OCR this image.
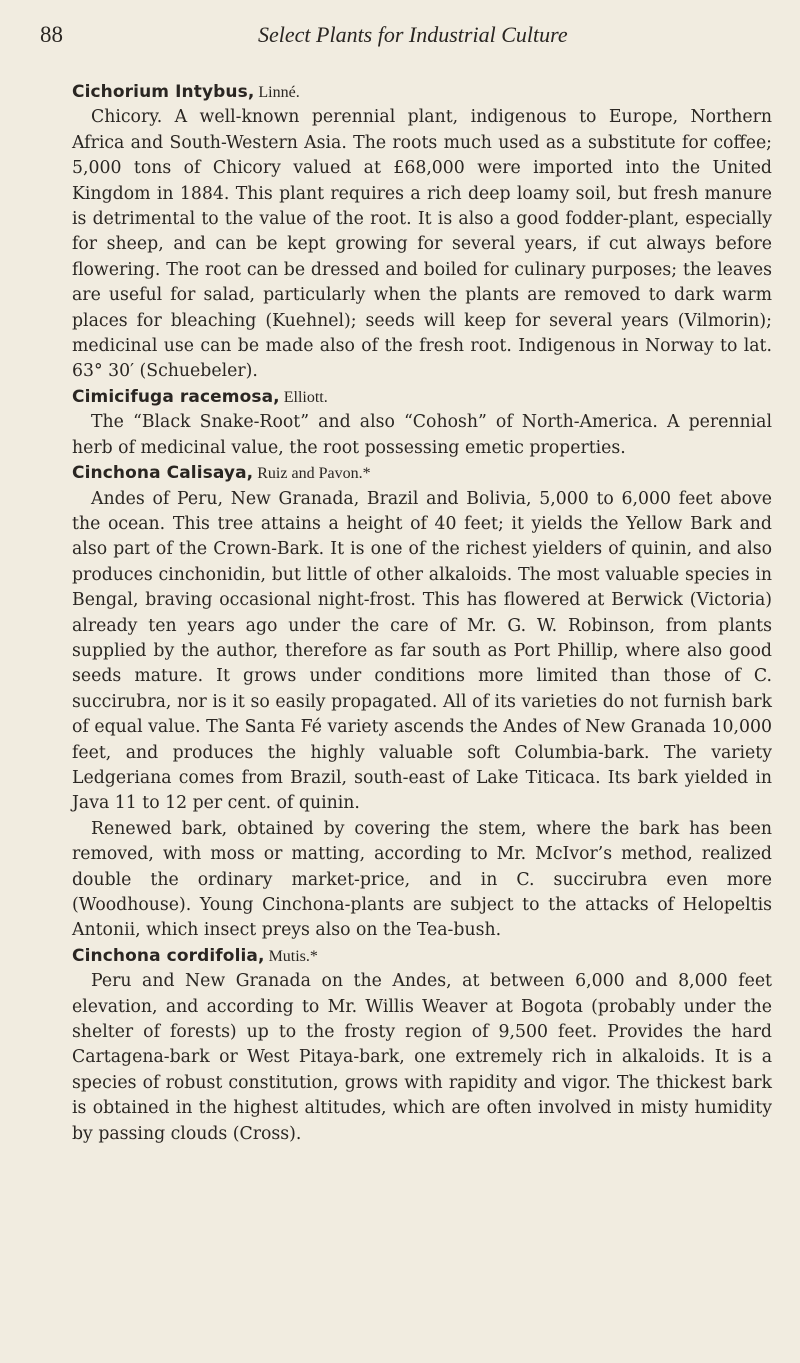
88	Select Plants for Industrial Culture

Cichorium Intybus, Linné.

Chicory. A well-known perennial plant, indigenous to Europe, Northern Africa and South-Western Asia. The roots much used as a substitute for coffee; 5,000 tons of Chicory valued at £68,000 were imported into the United Kingdom in 1884. This plant requires a rich deep loamy soil, but fresh manure is detrimental to the value of the root. It is also a good fodder-plant, especially for sheep, and can be kept growing for several years, if cut always before flowering. The root can be dressed and boiled for culinary purposes; the leaves are useful for salad, particularly when the plants are removed to dark warm places for bleaching (Kuehnel); seeds will keep for several years (Vilmorin); medicinal use can be made also of the fresh root. Indigenous in Norway to lat. 63° 30′ (Schuebeler).

Cimicifuga racemosa, Elliott.

The “Black Snake-Root” and also “Cohosh” of North-America. A perennial herb of medicinal value, the root possessing emetic properties.

Cinchona Calisaya, Ruiz and Pavon.*

Andes of Peru, New Granada, Brazil and Bolivia, 5,000 to 6,000 feet above the ocean. This tree attains a height of 40 feet; it yields the Yellow Bark and also part of the Crown-Bark. It is one of the richest yielders of quinin, and also produces cinchonidin, but little of other alkaloids. The most valuable species in Bengal, braving occasional night-frost. This has flowered at Berwick (Victoria) already ten years ago under the care of Mr. G. W. Robinson, from plants supplied by the author, therefore as far south as Port Phillip, where also good seeds mature. It grows under conditions more limited than those of C. succirubra, nor is it so easily propagated. All of its varieties do not furnish bark of equal value. The Santa Fé variety ascends the Andes of New Granada 10,000 feet, and produces the highly valuable soft Columbia-bark. The variety Ledgeriana comes from Brazil, south-east of Lake Titicaca. Its bark yielded in Java 11 to 12 per cent. of quinin.

Renewed bark, obtained by covering the stem, where the bark has been removed, with moss or matting, according to Mr. McIvor’s method, realized double the ordinary market-price, and in C. succirubra even more (Woodhouse). Young Cinchona-plants are subject to the attacks of Helopeltis Antonii, which insect preys also on the Tea-bush.

Cinchona cordifolia, Mutis.*

Peru and New Granada on the Andes, at between 6,000 and 8,000 feet elevation, and according to Mr. Willis Weaver at Bogota (probably under the shelter of forests) up to the frosty region of 9,500 feet. Provides the hard Cartagena-bark or West Pitaya-bark, one extremely rich in alkaloids. It is a species of robust constitution, grows with rapidity and vigor. The thickest bark is obtained in the highest altitudes, which are often involved in misty humidity by passing clouds (Cross).
